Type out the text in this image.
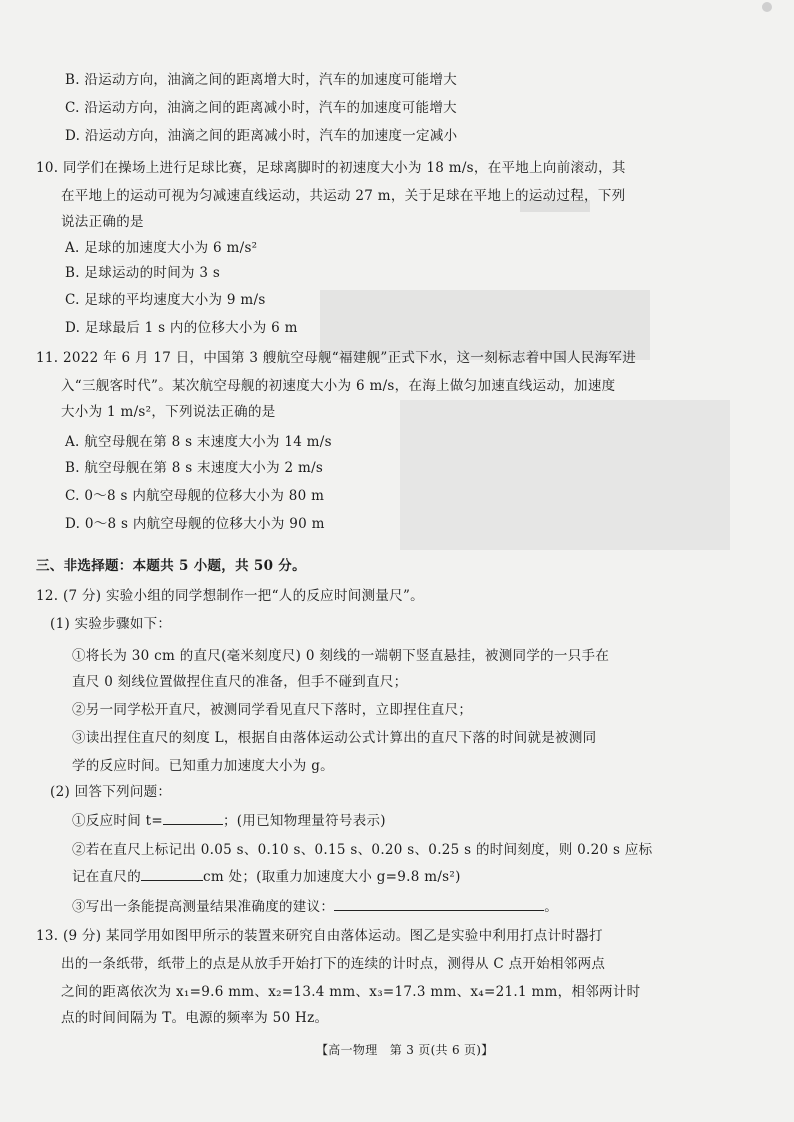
B. 沿运动方向，油滴之间的距离增大时，汽车的加速度可能增大
C. 沿运动方向，油滴之间的距离减小时，汽车的加速度可能增大
D. 沿运动方向，油滴之间的距离减小时，汽车的加速度一定减小
10. 同学们在操场上进行足球比赛，足球离脚时的初速度大小为 18 m/s，在平地上向前滚动，其
在平地上的运动可视为匀减速直线运动，共运动 27 m，关于足球在平地上的运动过程，下列
说法正确的是
A. 足球的加速度大小为 6 m/s²
B. 足球运动的时间为 3 s
C. 足球的平均速度大小为 9 m/s
D. 足球最后 1 s 内的位移大小为 6 m
11. 2022 年 6 月 17 日，中国第 3 艘航空母舰“福建舰”正式下水，这一刻标志着中国人民海军进
入“三舰客时代”。某次航空母舰的初速度大小为 6 m/s，在海上做匀加速直线运动，加速度
大小为 1 m/s²，下列说法正确的是
A. 航空母舰在第 8 s 末速度大小为 14 m/s
B. 航空母舰在第 8 s 末速度大小为 2 m/s
C. 0～8 s 内航空母舰的位移大小为 80 m
D. 0～8 s 内航空母舰的位移大小为 90 m
三、非选择题：本题共 5 小题，共 50 分。
12. (7 分) 实验小组的同学想制作一把“人的反应时间测量尺”。
(1) 实验步骤如下：
①将长为 30 cm 的直尺(毫米刻度尺) 0 刻线的一端朝下竖直悬挂，被测同学的一只手在
直尺 0 刻线位置做捏住直尺的准备，但手不碰到直尺；
②另一同学松开直尺，被测同学看见直尺下落时，立即捏住直尺；
③读出捏住直尺的刻度 L，根据自由落体运动公式计算出的直尺下落的时间就是被测同
学的反应时间。已知重力加速度大小为 g。
(2) 回答下列问题：
①反应时间 t=	；(用已知物理量符号表示)
②若在直尺上标记出 0.05 s、0.10 s、0.15 s、0.20 s、0.25 s 的时间刻度，则 0.20 s 应标
记在直尺的	cm 处；(取重力加速度大小 g=9.8 m/s²)
③写出一条能提高测量结果准确度的建议：	。
13. (9 分) 某同学用如图甲所示的装置来研究自由落体运动。图乙是实验中利用打点计时器打
出的一条纸带，纸带上的点是从放手开始打下的连续的计时点，测得从 C 点开始相邻两点
之间的距离依次为 x₁=9.6 mm、x₂=13.4 mm、x₃=17.3 mm、x₄=21.1 mm，相邻两计时
点的时间间隔为 T。电源的频率为 50 Hz。
【高一物理　第 3 页(共 6 页)】
